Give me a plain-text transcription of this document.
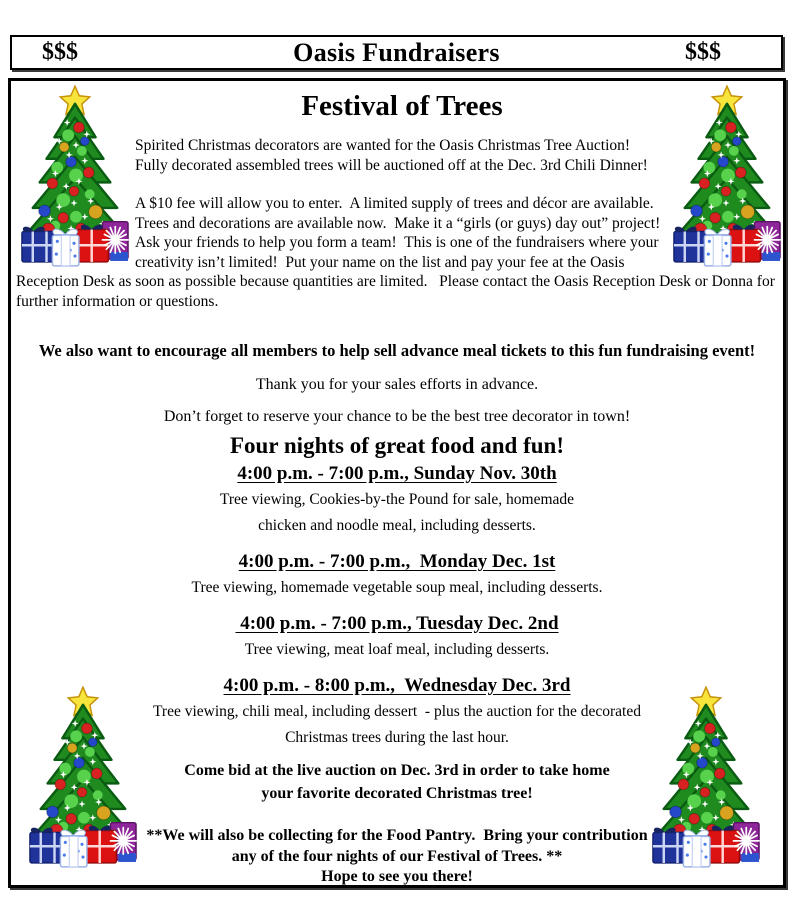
$$$	Oasis Fundraisers	$$$
Festival of Trees

Spirited Christmas decorators are wanted for the Oasis Christmas Tree Auction!  Fully decorated assembled trees will be auctioned off at the Dec. 3rd Chili Dinner!

A $10 fee will allow you to enter.  A limited supply of trees and décor are available. Trees and decorations are available now.  Make it a “girls (or guys) day out” project! Ask your friends to help you form a team!  This is one of the fundraisers where your creativity isn’t limited!  Put your name on the list and pay your fee at the Oasis Reception Desk as soon as possible because quantities are limited.   Please contact the Oasis Reception Desk or Donna for further information or questions.

We also want to encourage all members to help sell advance meal tickets to this fun fundraising event!
Thank you for your sales efforts in advance.
Don’t forget to reserve your chance to be the best tree decorator in town!
Four nights of great food and fun!
4:00 p.m. - 7:00 p.m., Sunday Nov. 30th
Tree viewing, Cookies-by-the Pound for sale, homemade
chicken and noodle meal, including desserts.
4:00 p.m. - 7:00 p.m.,  Monday Dec. 1st
Tree viewing, homemade vegetable soup meal, including desserts.
4:00 p.m. - 7:00 p.m., Tuesday Dec. 2nd
Tree viewing, meat loaf meal, including desserts.
4:00 p.m. - 8:00 p.m.,  Wednesday Dec. 3rd
Tree viewing, chili meal, including dessert  - plus the auction for the decorated
Christmas trees during the last hour.
Come bid at the live auction on Dec. 3rd in order to take home
your favorite decorated Christmas tree!
**We will also be collecting for the Food Pantry.  Bring your contribution
any of the four nights of our Festival of Trees. **
Hope to see you there!
